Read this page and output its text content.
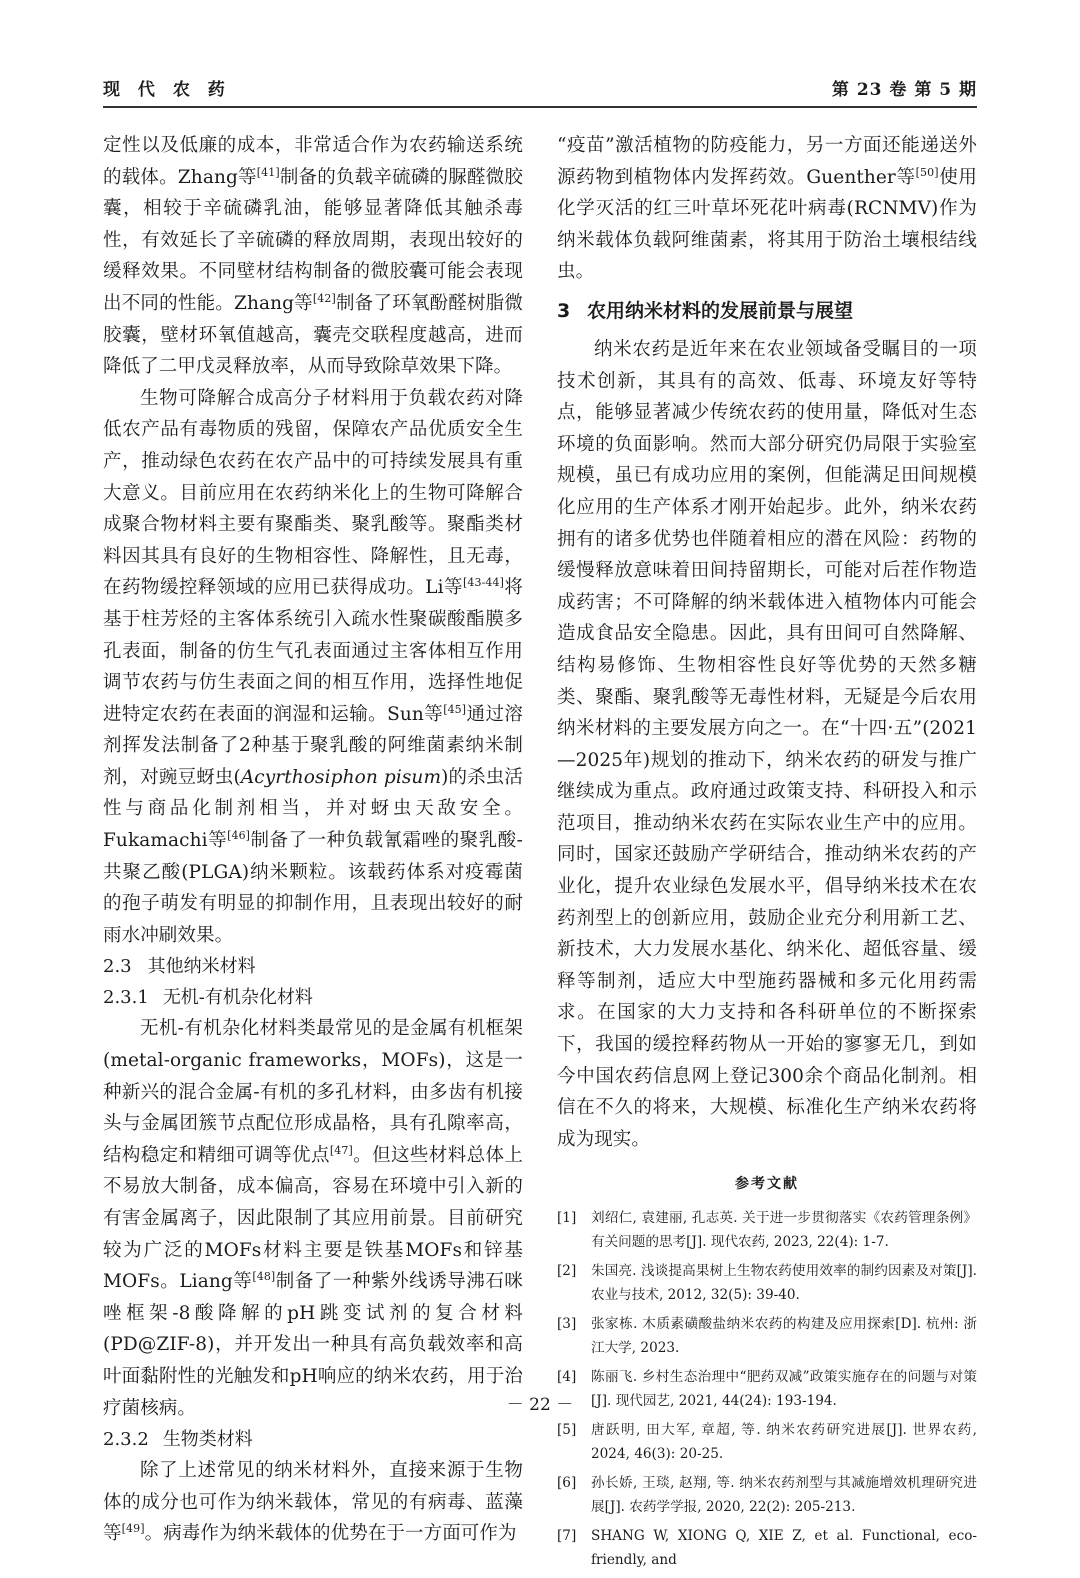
现 代 农 药	第 23 卷 第 5 期

定性以及低廉的成本，非常适合作为农药输送系统的载体。Zhang等[41]制备的负载辛硫磷的脲醛微胶囊，相较于辛硫磷乳油，能够显著降低其触杀毒性，有效延长了辛硫磷的释放周期，表现出较好的缓释效果。不同壁材结构制备的微胶囊可能会表现出不同的性能。Zhang等[42]制备了环氧酚醛树脂微胶囊，壁材环氧值越高，囊壳交联程度越高，进而降低了二甲戊灵释放率，从而导致除草效果下降。

生物可降解合成高分子材料用于负载农药对降低农产品有毒物质的残留，保障农产品优质安全生产，推动绿色农药在农产品中的可持续发展具有重大意义。目前应用在农药纳米化上的生物可降解合成聚合物材料主要有聚酯类、聚乳酸等。聚酯类材料因其具有良好的生物相容性、降解性，且无毒，在药物缓控释领域的应用已获得成功。Li等[43-44]将基于柱芳烃的主客体系统引入疏水性聚碳酸酯膜多孔表面，制备的仿生气孔表面通过主客体相互作用调节农药与仿生表面之间的相互作用，选择性地促进特定农药在表面的润湿和运输。Sun等[45]通过溶剂挥发法制备了2种基于聚乳酸的阿维菌素纳米制剂，对豌豆蚜虫(Acyrthosiphon pisum)的杀虫活性与商品化制剂相当，并对蚜虫天敌安全。Fukamachi等[46]制备了一种负载氰霜唑的聚乳酸-共聚乙酸(PLGA)纳米颗粒。该载药体系对疫霉菌的孢子萌发有明显的抑制作用，且表现出较好的耐雨水冲刷效果。

2.3 其他纳米材料
2.3.1 无机-有机杂化材料

无机-有机杂化材料类最常见的是金属有机框架(metal-organic frameworks，MOFs)，这是一种新兴的混合金属-有机的多孔材料，由多齿有机接头与金属团簇节点配位形成晶格，具有孔隙率高，结构稳定和精细可调等优点[47]。但这些材料总体上不易放大制备，成本偏高，容易在环境中引入新的有害金属离子，因此限制了其应用前景。目前研究较为广泛的MOFs材料主要是铁基MOFs和锌基MOFs。Liang等[48]制备了一种紫外线诱导沸石咪唑框架-8酸降解的pH跳变试剂的复合材料(PD@ZIF-8)，并开发出一种具有高负载效率和高叶面黏附性的光触发和pH响应的纳米农药，用于治疗菌核病。

2.3.2 生物类材料

除了上述常见的纳米材料外，直接来源于生物体的成分也可作为纳米载体，常见的有病毒、蓝藻等[49]。病毒作为纳米载体的优势在于一方面可作为

“疫苗”激活植物的防疫能力，另一方面还能递送外源药物到植物体内发挥药效。Guenther等[50]使用化学灭活的红三叶草坏死花叶病毒(RCNMV)作为纳米载体负载阿维菌素，将其用于防治土壤根结线虫。

3 农用纳米材料的发展前景与展望

纳米农药是近年来在农业领域备受瞩目的一项技术创新，其具有的高效、低毒、环境友好等特点，能够显著减少传统农药的使用量，降低对生态环境的负面影响。然而大部分研究仍局限于实验室规模，虽已有成功应用的案例，但能满足田间规模化应用的生产体系才刚开始起步。此外，纳米农药拥有的诸多优势也伴随着相应的潜在风险：药物的缓慢释放意味着田间持留期长，可能对后茬作物造成药害；不可降解的纳米载体进入植物体内可能会造成食品安全隐患。因此，具有田间可自然降解、结构易修饰、生物相容性良好等优势的天然多糖类、聚酯、聚乳酸等无毒性材料，无疑是今后农用纳米材料的主要发展方向之一。在“十四·五”(2021—2025年)规划的推动下，纳米农药的研发与推广继续成为重点。政府通过政策支持、科研投入和示范项目，推动纳米农药在实际农业生产中的应用。同时，国家还鼓励产学研结合，推动纳米农药的产业化，提升农业绿色发展水平，倡导纳米技术在农药剂型上的创新应用，鼓励企业充分利用新工艺、新技术，大力发展水基化、纳米化、超低容量、缓释等制剂，适应大中型施药器械和多元化用药需求。在国家的大力支持和各科研单位的不断探索下，我国的缓控释药物从一开始的寥寥无几，到如今中国农药信息网上登记300余个商品化制剂。相信在不久的将来，大规模、标准化生产纳米农药将成为现实。

参考文献
[1]	刘绍仁, 袁建丽, 孔志英. 关于进一步贯彻落实《农药管理条例》有关问题的思考[J]. 现代农药, 2023, 22(4): 1-7.
[2]	朱国亮. 浅谈提高果树上生物农药使用效率的制约因素及对策[J]. 农业与技术, 2012, 32(5): 39-40.
[3]	张家栋. 木质素磺酸盐纳米农药的构建及应用探索[D]. 杭州: 浙江大学, 2023.
[4]	陈丽飞. 乡村生态治理中“肥药双减”政策实施存在的问题与对策[J]. 现代园艺, 2021, 44(24): 193-194.
[5]	唐跃明, 田大军, 章超, 等. 纳米农药研究进展[J]. 世界农药, 2024, 46(3): 20-25.
[6]	孙长娇, 王琰, 赵翔, 等. 纳米农药剂型与其减施增效机理研究进展[J]. 农药学学报, 2020, 22(2): 205-213.
[7]	SHANG W, XIONG Q, XIE Z, et al. Functional, eco-friendly, and
－ 22 －
